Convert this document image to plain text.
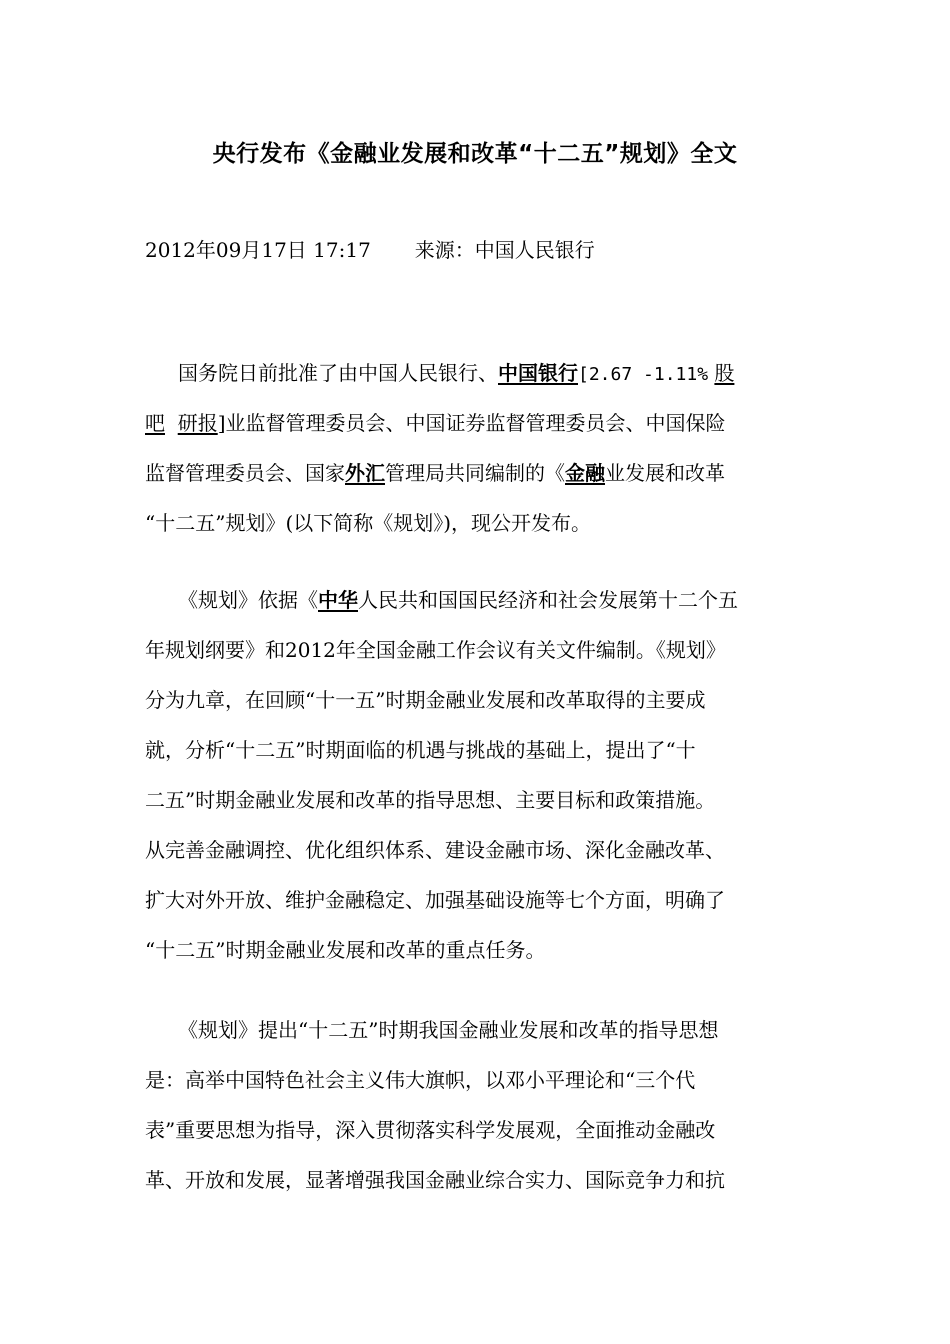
央行发布《金融业发展和改革“十二五”规划》全文
2012年09月17日 17:17 来源：中国人民银行
国务院日前批准了由中国人民银行、中国银行[2.67 -1.11% 股
吧 研报]业监督管理委员会、中国证券监督管理委员会、中国保险
监督管理委员会、国家外汇管理局共同编制的《金融业发展和改革
“十二五”规划》(以下简称《规划》)，现公开发布。
《规划》依据《中华人民共和国国民经济和社会发展第十二个五
年规划纲要》和2012年全国金融工作会议有关文件编制。《规划》
分为九章，在回顾“十一五”时期金融业发展和改革取得的主要成
就，分析“十二五”时期面临的机遇与挑战的基础上，提出了“十
二五”时期金融业发展和改革的指导思想、主要目标和政策措施。
从完善金融调控、优化组织体系、建设金融市场、深化金融改革、
扩大对外开放、维护金融稳定、加强基础设施等七个方面，明确了
“十二五”时期金融业发展和改革的重点任务。
《规划》提出“十二五”时期我国金融业发展和改革的指导思想
是：高举中国特色社会主义伟大旗帜，以邓小平理论和“三个代
表”重要思想为指导，深入贯彻落实科学发展观，全面推动金融改
革、开放和发展，显著增强我国金融业综合实力、国际竞争力和抗
